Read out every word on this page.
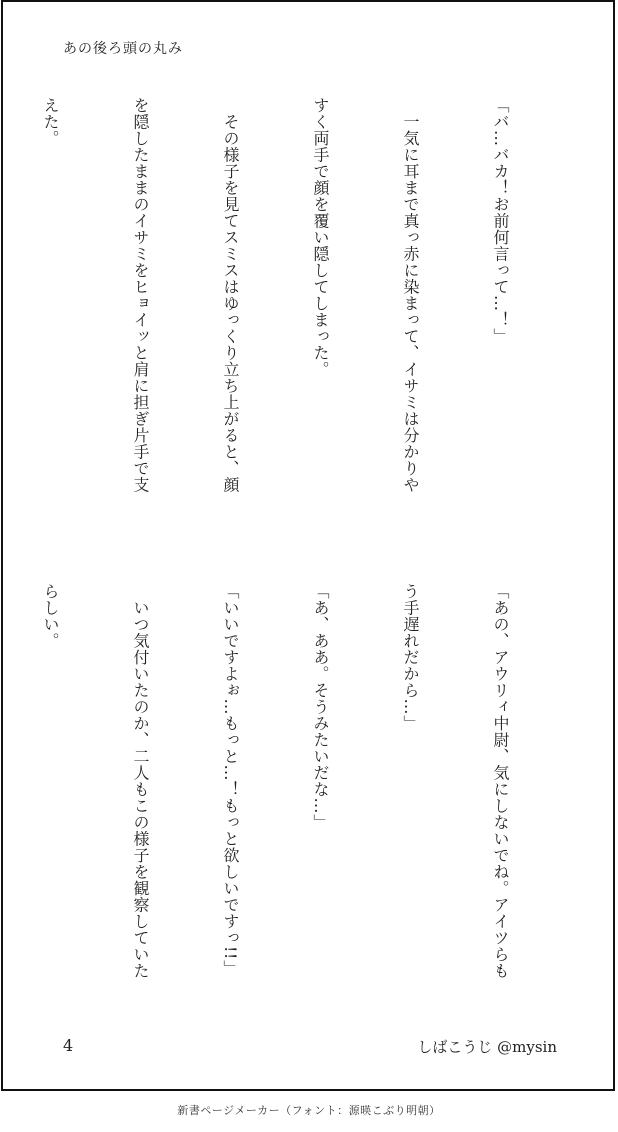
あの後ろ頭の丸み

「バ…バカ！お前何言って…！」

　一気に耳まで真っ赤に染まって、イサミは分かりや

すく両手で顔を覆い隠してしまった。

　その様子を見てスミスはゆっくり立ち上がると、顔

を隠したままのイサミをヒョイッと肩に担ぎ片手で支

えた。

「あの、アウリィ中尉、気にしないでね。アイツらも

う手遅れだから…」

「あ、ああ。そうみたいだな…」

「いいですよぉ…もっと…！もっと欲しいですっ!!」

　いつ気付いたのか、二人もこの様子を観察していた

らしい。

4	しばこうじ @mysin
新書ページメーカー（フォント：源暎こぶり明朝）
